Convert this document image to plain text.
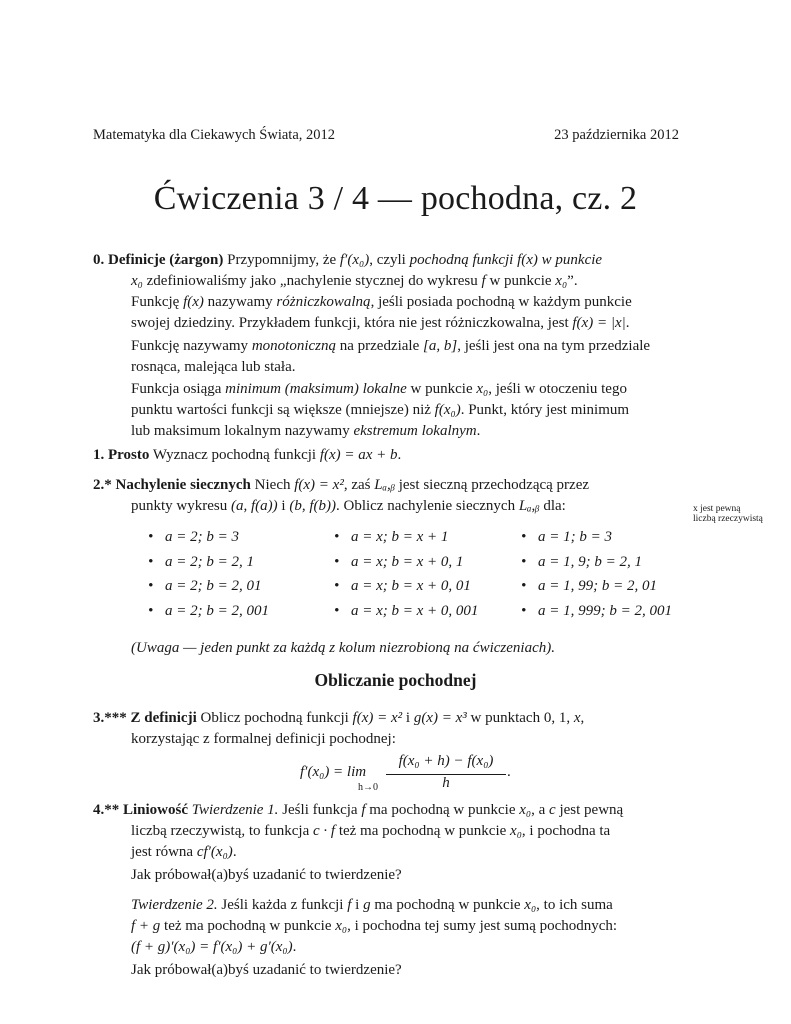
Matematyka dla Ciekawych Świata, 2012	23 października 2012
Ćwiczenia 3 / 4 — pochodna, cz. 2
0. Definicje (żargon) Przypomnijmy, że f′(x₀), czyli pochodną funkcji f(x) w punkcie
x₀ zdefiniowaliśmy jako „nachylenie stycznej do wykresu f w punkcie x₀”.
Funkcję f(x) nazywamy różniczkowalną, jeśli posiada pochodną w każdym punkcie
swojej dziedziny. Przykładem funkcji, która nie jest różniczkowalna, jest f(x) = |x|.
Funkcję nazywamy monotoniczną na przedziale [a, b], jeśli jest ona na tym przedziale
rosnąca, malejąca lub stała.
Funkcja osiąga minimum (maksimum) lokalne w punkcie x₀, jeśli w otoczeniu tego
punktu wartości funkcji są większe (mniejsze) niż f(x₀). Punkt, który jest minimum
lub maksimum lokalnym nazywamy ekstremum lokalnym.
1. Prosto Wyznacz pochodną funkcji f(x) = ax + b.
2.* Nachylenie siecznych Niech f(x) = x², zaś Lₐ,ᵦ jest sieczną przechodzącą przez
punkty wykresu (a, f(a)) i (b, f(b)). Oblicz nachylenie siecznych Lₐ,ᵦ dla:	x jest pewną liczbą rzeczywistą
• a = 2; b = 3
• a = 2; b = 2, 1
• a = 2; b = 2, 01
• a = 2; b = 2, 001
• a = x; b = x + 1
• a = x; b = x + 0, 1
• a = x; b = x + 0, 01
• a = x; b = x + 0, 001
• a = 1; b = 3
• a = 1, 9; b = 2, 1
• a = 1, 99; b = 2, 01
• a = 1, 999; b = 2, 001
(Uwaga — jeden punkt za każdą z kolum niezrobioną na ćwiczeniach).
Obliczanie pochodnej
3.*** Z definicji Oblicz pochodną funkcji f(x) = x² i g(x) = x³ w punktach 0, 1, x,
korzystając z formalnej definicji pochodnej:
f′(x₀) = lim
h→0
f(x₀ + h) − f(x₀)
h
.
4.** Liniowość Twierdzenie 1. Jeśli funkcja f ma pochodną w punkcie x₀, a c jest pewną
liczbą rzeczywistą, to funkcja c · f też ma pochodną w punkcie x₀, i pochodna ta
jest równa cf′(x₀).
Jak próbował(a)byś uzadanić to twierdzenie?
Twierdzenie 2. Jeśli każda z funkcji f i g ma pochodną w punkcie x₀, to ich suma
f + g też ma pochodną w punkcie x₀, i pochodna tej sumy jest sumą pochodnych:
(f + g)′(x₀) = f′(x₀) + g′(x₀).
Jak próbował(a)byś uzadanić to twierdzenie?
